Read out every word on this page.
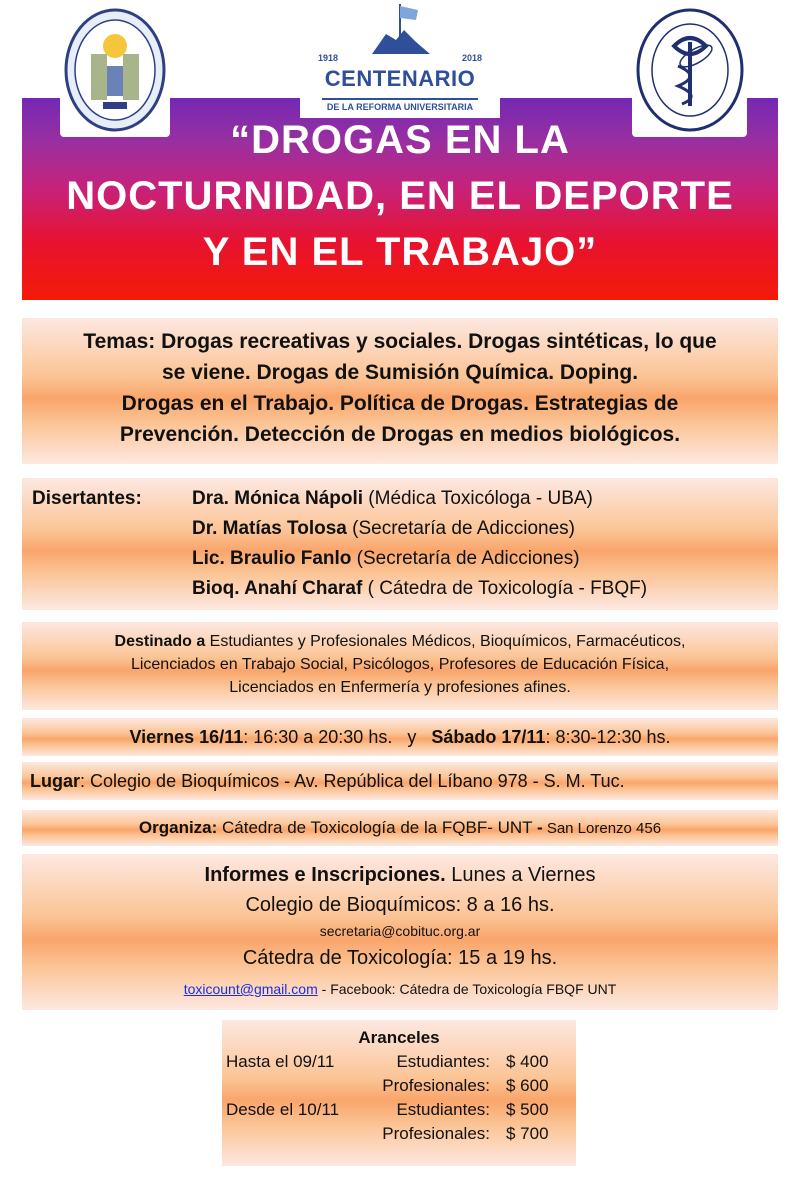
1918	2018
CENTENARIO
DE LA REFORMA UNIVERSITARIA
“DROGAS EN LA
NOCTURNIDAD, EN EL DEPORTE
Y EN EL TRABAJO”
Temas: Drogas recreativas y sociales. Drogas sintéticas, lo que
se viene. Drogas de Sumisión Química. Doping.
Drogas en el Trabajo. Política de Drogas. Estrategias de
Prevención. Detección de Drogas en medios biológicos.
Disertantes:	Dra. Mónica Nápoli (Médica Toxicóloga - UBA)
Dr. Matías Tolosa (Secretaría de Adicciones)
Lic. Braulio Fanlo (Secretaría de Adicciones)
Bioq. Anahí Charaf ( Cátedra de Toxicología - FBQF)
Destinado a Estudiantes y Profesionales Médicos, Bioquímicos, Farmacéuticos,
Licenciados en Trabajo Social, Psicólogos, Profesores de Educación Física,
Licenciados en Enfermería y profesiones afines.
Viernes 16/11: 16:30 a 20:30 hs.   y   Sábado 17/11: 8:30-12:30 hs.
Lugar: Colegio de Bioquímicos - Av. República del Líbano 978 - S. M. Tuc.
Organiza: Cátedra de Toxicología de la FQBF- UNT - San Lorenzo 456
Informes e Inscripciones. Lunes a Viernes
Colegio de Bioquímicos: 8 a 16 hs.
secretaria@cobituc.org.ar
Cátedra de Toxicología: 15 a 19 hs.
toxicount@gmail.com - Facebook: Cátedra de Toxicología FBQF UNT
Aranceles
Hasta el 09/11	Estudiantes: $ 400
Profesionales: $ 600
Desde el 10/11	Estudiantes: $ 500
Profesionales: $ 700
